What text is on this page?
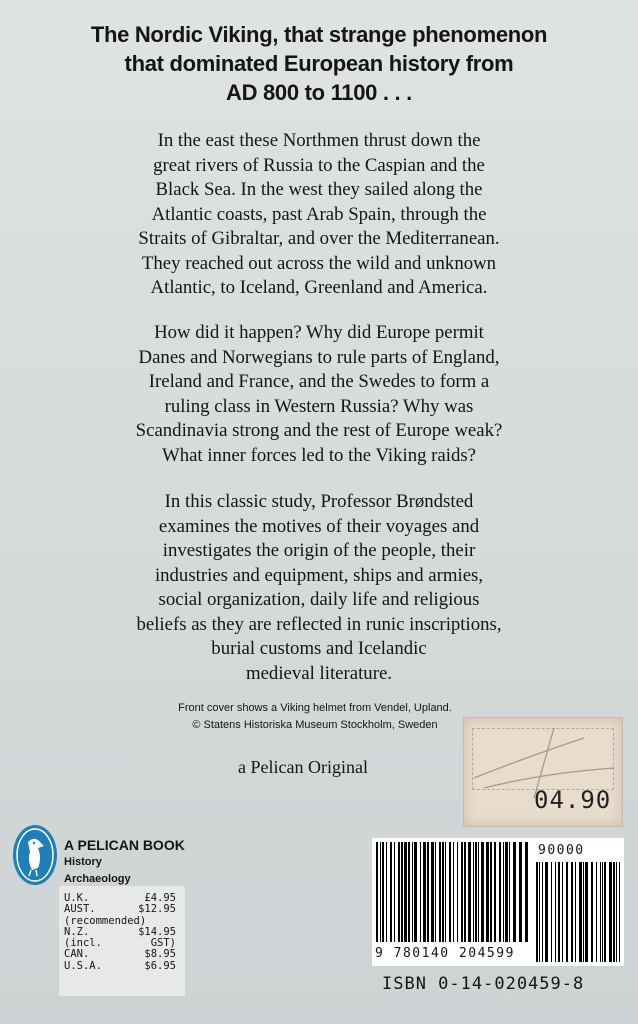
The Nordic Viking, that strange phenomenon
that dominated European history from
AD 800 to 1100 . . .
In the east these Northmen thrust down the
great rivers of Russia to the Caspian and the
Black Sea. In the west they sailed along the
Atlantic coasts, past Arab Spain, through the
Straits of Gibraltar, and over the Mediterranean.
They reached out across the wild and unknown
Atlantic, to Iceland, Greenland and America.
How did it happen? Why did Europe permit
Danes and Norwegians to rule parts of England,
Ireland and France, and the Swedes to form a
ruling class in Western Russia? Why was
Scandinavia strong and the rest of Europe weak?
What inner forces led to the Viking raids?
In this classic study, Professor Brøndsted
examines the motives of their voyages and
investigates the origin of the people, their
industries and equipment, ships and armies,
social organization, daily life and religious
beliefs as they are reflected in runic inscriptions,
burial customs and Icelandic
medieval literature.
Front cover shows a Viking helmet from Vendel, Upland.
© Statens Historiska Museum Stockholm, Sweden
a Pelican Original
04.90
A PELICAN BOOK
History
Archaeology
U.K.	£4.95
AUST.	$12.95
(recommended)
N.Z.	$14.95
(incl.	GST)
CAN.	$8.95
U.S.A.	$6.95
9 780140 204599
90000
ISBN 0-14-020459-8
